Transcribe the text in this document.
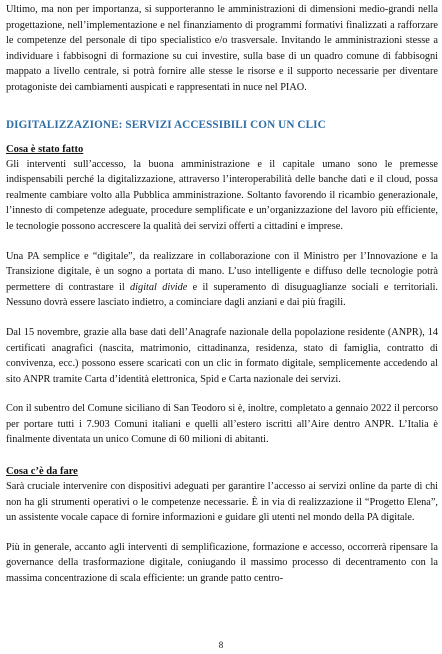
Ultimo, ma non per importanza, si supporteranno le amministrazioni di dimensioni medio-grandi nella progettazione, nell’implementazione e nel finanziamento di programmi formativi finalizzati a rafforzare le competenze del personale di tipo specialistico e/o trasversale. Invitando le amministrazioni stesse a individuare i fabbisogni di formazione su cui investire, sulla base di un quadro comune di fabbisogni mappato a livello centrale, si potrà fornire alle stesse le risorse e il supporto necessarie per diventare protagoniste dei cambiamenti auspicati e rappresentati in nuce nel PIAO.

DIGITALIZZAZIONE: SERVIZI ACCESSIBILI CON UN CLIC
Cosa è stato fatto

Gli interventi sull’accesso, la buona amministrazione e il capitale umano sono le premesse indispensabili perché la digitalizzazione, attraverso l’interoperabilità delle banche dati e il cloud, possa realmente cambiare volto alla Pubblica amministrazione. Soltanto favorendo il ricambio generazionale, l’innesto di competenze adeguate, procedure semplificate e un’organizzazione del lavoro più efficiente, le tecnologie possono accrescere la qualità dei servizi offerti a cittadini e imprese.

Una PA semplice e “digitale”, da realizzare in collaborazione con il Ministro per l’Innovazione e la Transizione digitale, è un sogno a portata di mano. L’uso intelligente e diffuso delle tecnologie potrà permettere di contrastare il digital divide e il superamento di disuguaglianze sociali e territoriali. Nessuno dovrà essere lasciato indietro, a cominciare dagli anziani e dai più fragili.

Dal 15 novembre, grazie alla base dati dell’Anagrafe nazionale della popolazione residente (ANPR), 14 certificati anagrafici (nascita, matrimonio, cittadinanza, residenza, stato di famiglia, contratto di convivenza, ecc.) possono essere scaricati con un clic in formato digitale, semplicemente accedendo al sito ANPR tramite Carta d’identità elettronica, Spid e Carta nazionale dei servizi.

Con il subentro del Comune siciliano di San Teodoro si è, inoltre, completato a gennaio 2022 il percorso per portare tutti i 7.903 Comuni italiani e quelli all’estero iscritti all’Aire dentro ANPR. L’Italia è finalmente diventata un unico Comune di 60 milioni di abitanti.

Cosa c’è da fare

Sarà cruciale intervenire con dispositivi adeguati per garantire l’accesso ai servizi online da parte di chi non ha gli strumenti operativi o le competenze necessarie. È in via di realizzazione il “Progetto Elena”, un assistente vocale capace di fornire informazioni e guidare gli utenti nel mondo della PA digitale.

Più in generale, accanto agli interventi di semplificazione, formazione e accesso, occorrerà ripensare la governance della trasformazione digitale, coniugando il massimo processo di decentramento con la massima concentrazione di scala efficiente: un grande patto centro-

8
